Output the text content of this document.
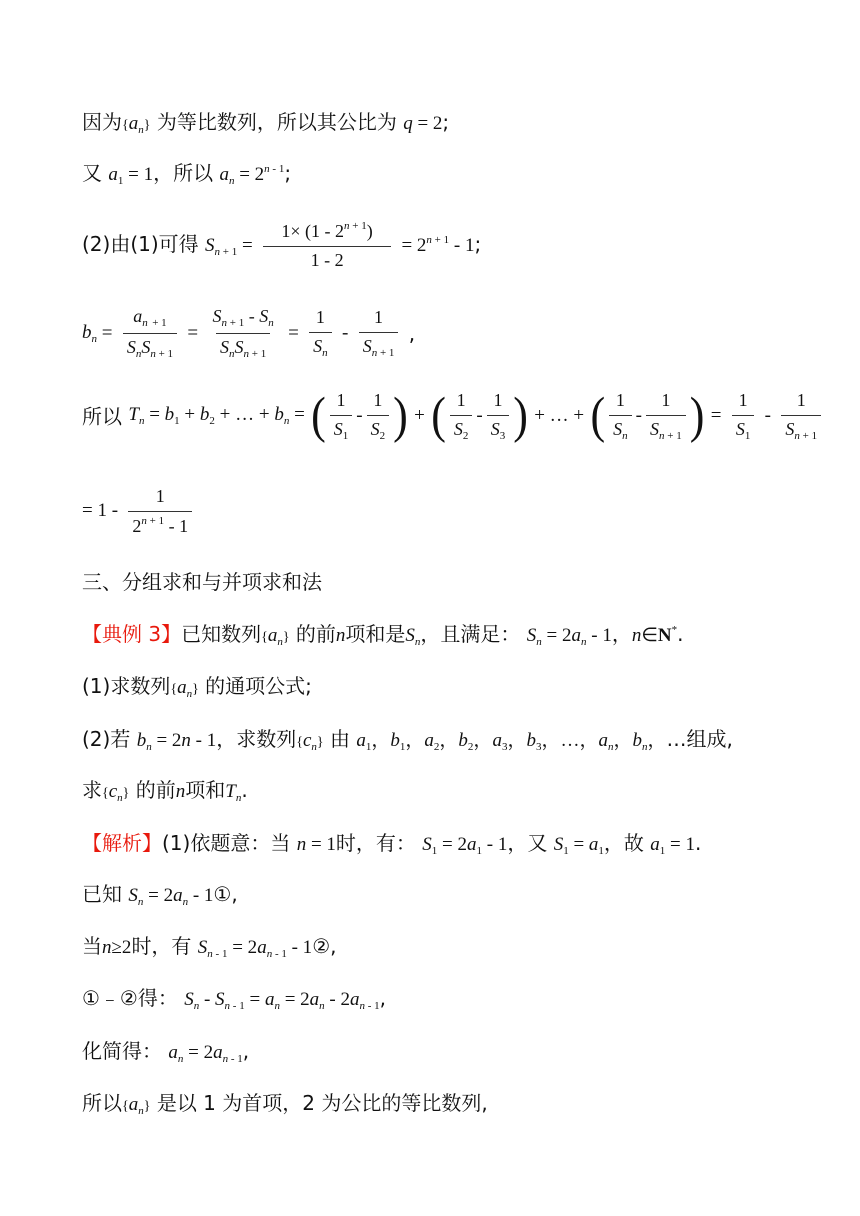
因为$\{a_n\}$ 为等比数列，所以其公比为 q = 2;
又 $a_1 = 1$，所以 $a_n = 2^{n - 1}$;
(2)由(1)可得 $S_n$ $_{+ 1} = \frac{1\times (1 - 2^{n + 1})}{1 - 2} = 2^{n + 1} - 1$;
$b_n = \frac{a_n _{+ 1}}{S_nS_n _{+ 1}} = \frac{S_n _{+ 1} - S_n}{S_nS_n _{+ 1}} = \frac{1}{S_n} - \frac{1}{S_n _{+ 1}}$ ,
所以 $T_n = b_1 + b_2$ + … + $b_n$ = ( $\frac{1}{S_1} - \frac{1}{S_2}$ ) + ( $\frac{1}{S_2} - \frac{1}{S_3}$ ) + … + ( $\frac{1}{S_n} - \frac{1}{S_n _{+ 1}}$ ) = $\frac{1}{S_1} - \frac{1}{S_n _{+ 1}}$
= $1 - \frac{1}{2^{n + 1} - 1}$
三、分组求和与并项求和法
【典例 3】已知数列$\{a_n\}$ 的前n项和是$S_n$，且满足： $S_n = 2a_n - 1$，n∈N*.
(1)求数列$\{a_n\}$ 的通项公式;
(2)若 $b_n = 2n - 1$，求数列$\{c_n\}$ 由 $a_1$，$b_1$，$a_2$，$b_2$，$a_3$，$b_3$，…，$a_n$，$b_n$，…组成,
求$\{c_n\}$ 的前n项和$T_n$.
【解析】(1)依题意：当 n = 1时，有： $S_1 = 2a_1 - 1$，又 $S_1 = a_1$，故 $a_1 = 1$.
已知 $S_n = 2a_n$ - 1①,
当n≥2时，有 $S_n$ $_{- 1} = 2a_n$ $_{- 1}$ - 1②,
①﹣②得： $S_n - S_n$ $_{- 1} = a_n = 2a_n - 2a_n$ $_{- 1}$,
化简得： $a_n = 2a_n$ $_{- 1}$,
所以$\{a_n\}$ 是以 1 为首项，2 为公比的等比数列,
